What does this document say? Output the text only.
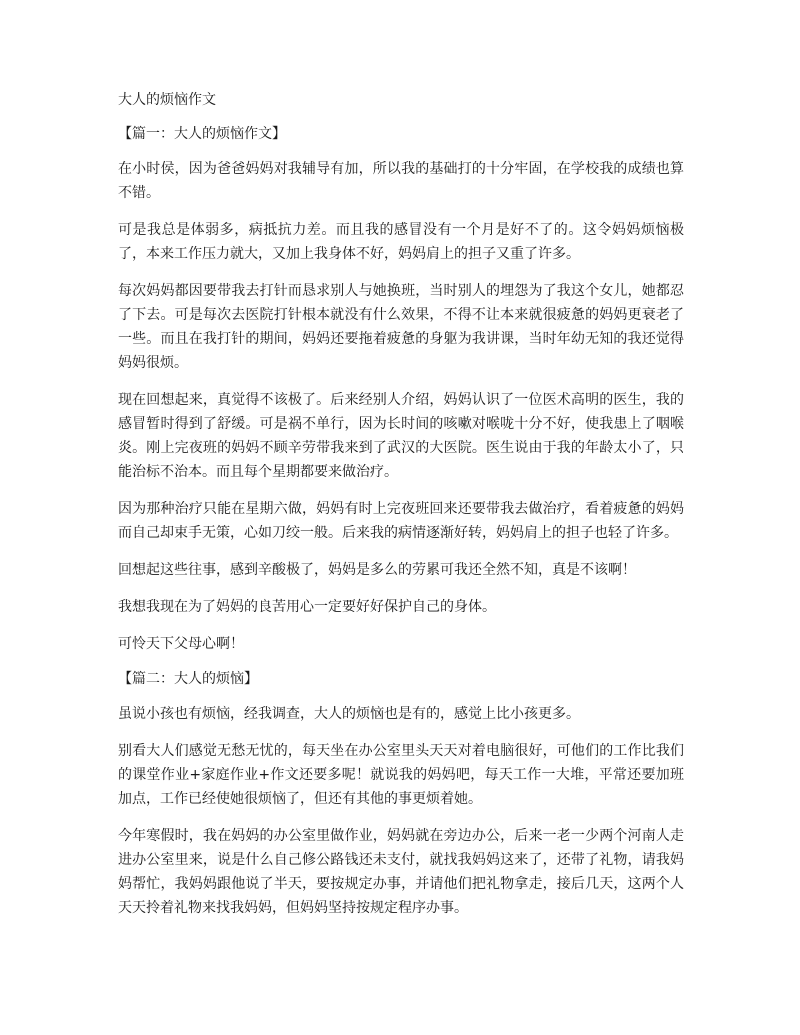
大人的烦恼作文
【篇一：大人的烦恼作文】

在小时侯，因为爸爸妈妈对我辅导有加，所以我的基础打的十分牢固，在学校我的成绩也算不错。

可是我总是体弱多，病抵抗力差。而且我的感冒没有一个月是好不了的。这令妈妈烦恼极了，本来工作压力就大，又加上我身体不好，妈妈肩上的担子又重了许多。

每次妈妈都因要带我去打针而恳求别人与她换班，当时别人的埋怨为了我这个女儿，她都忍了下去。可是每次去医院打针根本就没有什么效果，不得不让本来就很疲惫的妈妈更衰老了一些。而且在我打针的期间，妈妈还要拖着疲惫的身躯为我讲课，当时年幼无知的我还觉得妈妈很烦。

现在回想起来，真觉得不该极了。后来经别人介绍，妈妈认识了一位医术高明的医生，我的感冒暂时得到了舒缓。可是祸不单行，因为长时间的咳嗽对喉咙十分不好，使我患上了咽喉炎。刚上完夜班的妈妈不顾辛劳带我来到了武汉的大医院。医生说由于我的年龄太小了，只能治标不治本。而且每个星期都要来做治疗。

因为那种治疗只能在星期六做，妈妈有时上完夜班回来还要带我去做治疗，看着疲惫的妈妈而自己却束手无策，心如刀绞一般。后来我的病情逐渐好转，妈妈肩上的担子也轻了许多。

回想起这些往事，感到辛酸极了，妈妈是多么的劳累可我还全然不知，真是不该啊！

我想我现在为了妈妈的良苦用心一定要好好保护自己的身体。

可怜天下父母心啊！

【篇二：大人的烦恼】

虽说小孩也有烦恼，经我调查，大人的烦恼也是有的，感觉上比小孩更多。

别看大人们感觉无愁无忧的，每天坐在办公室里头天天对着电脑很好，可他们的工作比我们的课堂作业+家庭作业+作文还要多呢！就说我的妈妈吧，每天工作一大堆，平常还要加班加点，工作已经使她很烦恼了，但还有其他的事更烦着她。

今年寒假时，我在妈妈的办公室里做作业，妈妈就在旁边办公，后来一老一少两个河南人走进办公室里来，说是什么自己修公路钱还未支付，就找我妈妈这来了，还带了礼物，请我妈妈帮忙，我妈妈跟他说了半天，要按规定办事，并请他们把礼物拿走，接后几天，这两个人天天拎着礼物来找我妈妈，但妈妈坚持按规定程序办事。
